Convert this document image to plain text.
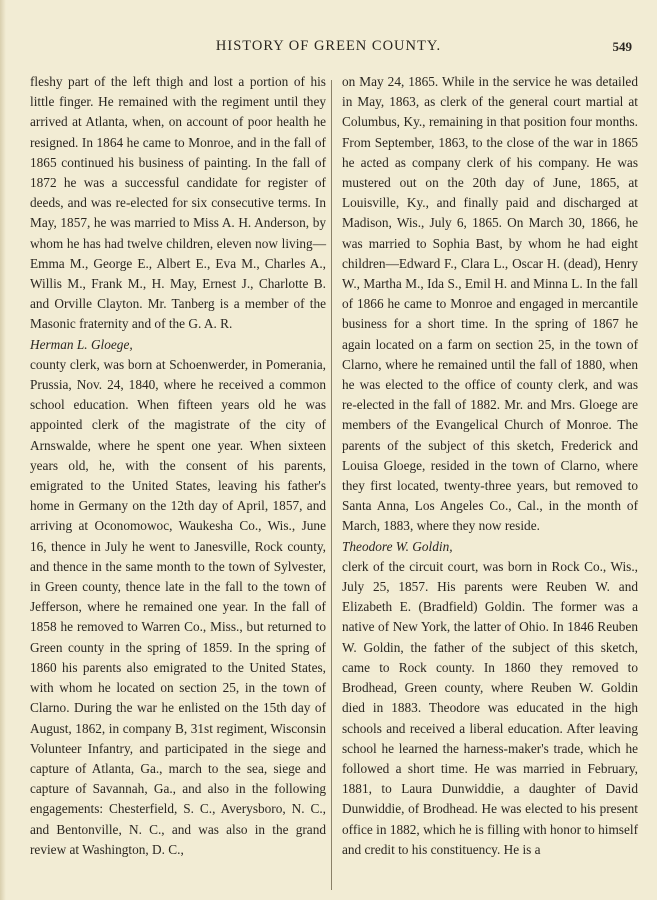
HISTORY OF GREEN COUNTY.	549

fleshy part of the left thigh and lost a portion of his little finger. He remained with the regiment until they arrived at Atlanta, when, on account of poor health he resigned. In 1864 he came to Monroe, and in the fall of 1865 continued his business of painting. In the fall of 1872 he was a successful candidate for register of deeds, and was re-elected for six consecutive terms. In May, 1857, he was married to Miss A. H. Anderson, by whom he has had twelve children, eleven now living—Emma M., George E., Albert E., Eva M., Charles A., Willis M., Frank M., H. May, Ernest J., Charlotte B. and Orville Clayton. Mr. Tanberg is a member of the Masonic fraternity and of the G. A. R.

Herman L. Gloege,

county clerk, was born at Schoenwerder, in Pomerania, Prussia, Nov. 24, 1840, where he received a common school education. When fifteen years old he was appointed clerk of the magistrate of the city of Arnswalde, where he spent one year. When sixteen years old, he, with the consent of his parents, emigrated to the United States, leaving his father's home in Germany on the 12th day of April, 1857, and arriving at Oconomowoc, Waukesha Co., Wis., June 16, thence in July he went to Janesville, Rock county, and thence in the same month to the town of Sylvester, in Green county, thence late in the fall to the town of Jefferson, where he remained one year. In the fall of 1858 he removed to Warren Co., Miss., but returned to Green county in the spring of 1859. In the spring of 1860 his parents also emigrated to the United States, with whom he located on section 25, in the town of Clarno. During the war he enlisted on the 15th day of August, 1862, in company B, 31st regiment, Wisconsin Volunteer Infantry, and participated in the siege and capture of Atlanta, Ga., march to the sea, siege and capture of Savannah, Ga., and also in the following engagements: Chesterfield, S. C., Averysboro, N. C., and Bentonville, N. C., and was also in the grand review at Washington, D. C.,

on May 24, 1865. While in the service he was detailed in May, 1863, as clerk of the general court martial at Columbus, Ky., remaining in that position four months. From September, 1863, to the close of the war in 1865 he acted as company clerk of his company. He was mustered out on the 20th day of June, 1865, at Louisville, Ky., and finally paid and discharged at Madison, Wis., July 6, 1865. On March 30, 1866, he was married to Sophia Bast, by whom he had eight children—Edward F., Clara L., Oscar H. (dead), Henry W., Martha M., Ida S., Emil H. and Minna L. In the fall of 1866 he came to Monroe and engaged in mercantile business for a short time. In the spring of 1867 he again located on a farm on section 25, in the town of Clarno, where he remained until the fall of 1880, when he was elected to the office of county clerk, and was re-elected in the fall of 1882. Mr. and Mrs. Gloege are members of the Evangelical Church of Monroe. The parents of the subject of this sketch, Frederick and Louisa Gloege, resided in the town of Clarno, where they first located, twenty-three years, but removed to Santa Anna, Los Angeles Co., Cal., in the month of March, 1883, where they now reside.

Theodore W. Goldin,

clerk of the circuit court, was born in Rock Co., Wis., July 25, 1857. His parents were Reuben W. and Elizabeth E. (Bradfield) Goldin. The former was a native of New York, the latter of Ohio. In 1846 Reuben W. Goldin, the father of the subject of this sketch, came to Rock county. In 1860 they removed to Brodhead, Green county, where Reuben W. Goldin died in 1883. Theodore was educated in the high schools and received a liberal education. After leaving school he learned the harness-maker's trade, which he followed a short time. He was married in February, 1881, to Laura Dunwiddie, a daughter of David Dunwiddie, of Brodhead. He was elected to his present office in 1882, which he is filling with honor to himself and credit to his constituency. He is a
